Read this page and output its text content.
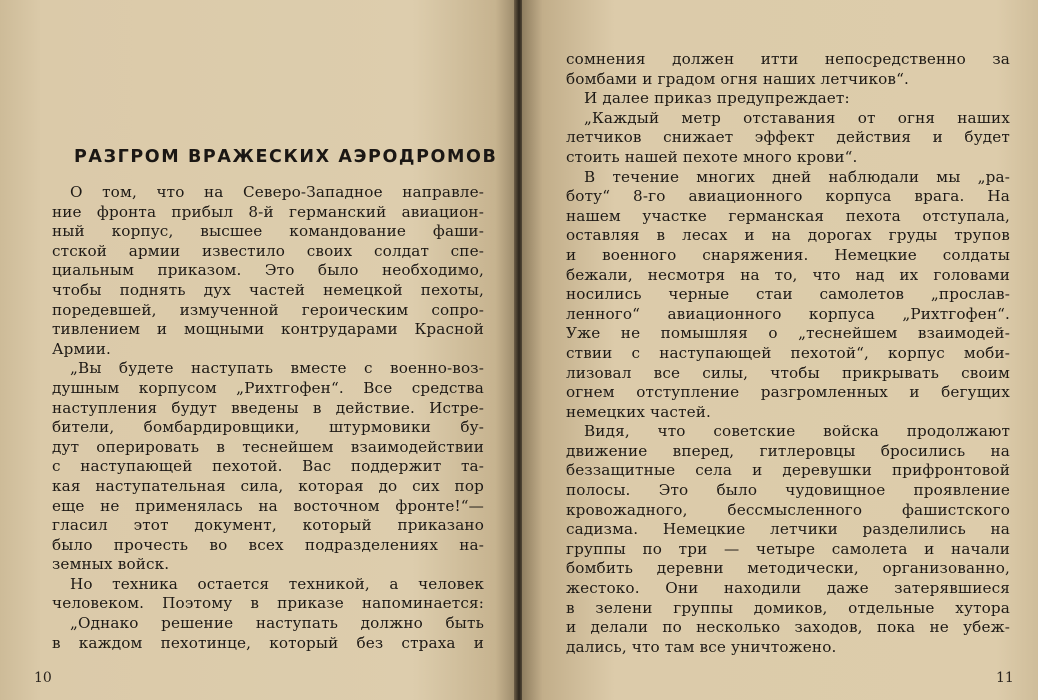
РАЗГРОМ ВРАЖЕСКИХ АЭРОДРОМОВ
О том, что на Северо-Западное направле-
ние фронта прибыл 8-й германский авиацион-
ный корпус, высшее командование фаши-
стской армии известило своих солдат спе-
циальным приказом. Это было необходимо,
чтобы поднять дух частей немецкой пехоты,
поредевшей, измученной героическим сопро-
тивлением и мощными контрударами Красной
Армии.
„Вы будете наступать вместе с военно-воз-
душным корпусом „Рихтгофен“. Все средства
наступления будут введены в действие. Истре-
бители, бомбардировщики, штурмовики бу-
дут оперировать в теснейшем взаимодействии
с наступающей пехотой. Вас поддержит та-
кая наступательная сила, которая до сих пор
еще не применялась на восточном фронте!“—
гласил этот документ, который приказано
было прочесть во всех подразделениях на-
земных войск.
Но техника остается техникой, а человек
человеком. Поэтому в приказе напоминается:
„Однако решение наступать должно быть
в каждом пехотинце, который без страха и
10
сомнения должен итти непосредственно за
бомбами и градом огня наших летчиков“.
И далее приказ предупреждает:
„Каждый метр отставания от огня наших
летчиков снижает эффект действия и будет
стоить нашей пехоте много крови“.
В течение многих дней наблюдали мы „ра-
боту“ 8-го авиационного корпуса врага. На
нашем участке германская пехота отступала,
оставляя в лесах и на дорогах груды трупов
и военного снаряжения. Немецкие солдаты
бежали, несмотря на то, что над их головами
носились черные стаи самолетов „прослав-
ленного“ авиационного корпуса „Рихтгофен“.
Уже не помышляя о „теснейшем взаимодей-
ствии с наступающей пехотой“, корпус моби-
лизовал все силы, чтобы прикрывать своим
огнем отступление разгромленных и бегущих
немецких частей.
Видя, что советские войска продолжают
движение вперед, гитлеровцы бросились на
беззащитные села и деревушки прифронтовой
полосы. Это было чудовищное проявление
кровожадного, бессмысленного фашистского
садизма. Немецкие летчики разделились на
группы по три — четыре самолета и начали
бомбить деревни методически, организованно,
жестоко. Они находили даже затерявшиеся
в зелени группы домиков, отдельные хутора
и делали по несколько заходов, пока не убеж-
дались, что там все уничтожено.
11
